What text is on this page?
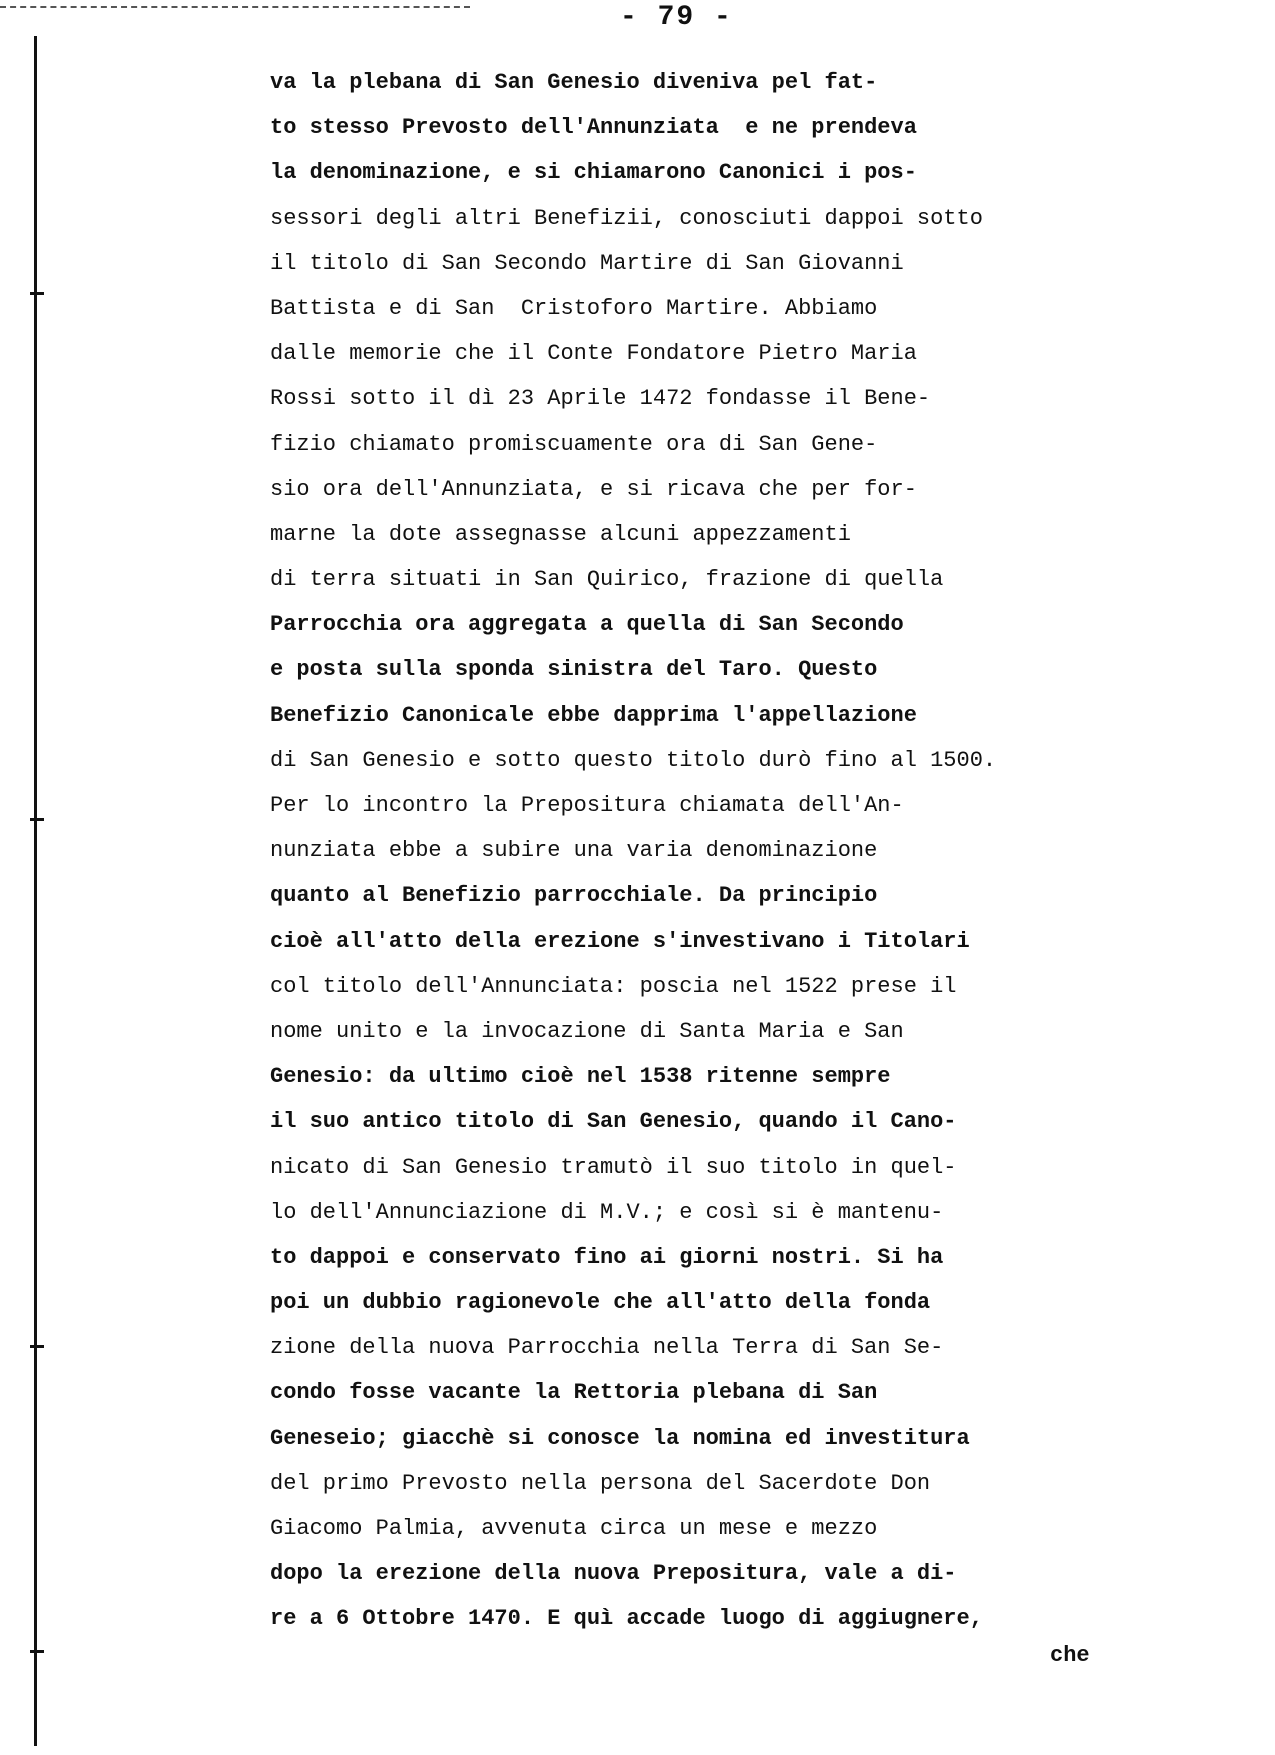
- 79 -
va la plebana di San Genesio diveniva pel fat-
to stesso Prevosto dell'Annunziata  e ne prendeva
la denominazione, e si chiamarono Canonici i pos-
sessori degli altri Benefizii, conosciuti dappoi sotto
il titolo di San Secondo Martire di San Giovanni
Battista e di San  Cristoforo Martire. Abbiamo
dalle memorie che il Conte Fondatore Pietro Maria
Rossi sotto il dì 23 Aprile 1472 fondasse il Bene-
fizio chiamato promiscuamente ora di San Gene-
sio ora dell'Annunziata, e si ricava che per for-
marne la dote assegnasse alcuni appezzamenti
di terra situati in San Quirico, frazione di quella
Parrocchia ora aggregata a quella di San Secondo
e posta sulla sponda sinistra del Taro. Questo
Benefizio Canonicale ebbe dapprima l'appellazione
di San Genesio e sotto questo titolo durò fino al 1500.
Per lo incontro la Prepositura chiamata dell'An-
nunziata ebbe a subire una varia denominazione
quanto al Benefizio parrocchiale. Da principio
cioè all'atto della erezione s'investivano i Titolari
col titolo dell'Annunciata: poscia nel 1522 prese il
nome unito e la invocazione di Santa Maria e San
Genesio: da ultimo cioè nel 1538 ritenne sempre
il suo antico titolo di San Genesio, quando il Cano-
nicato di San Genesio tramutò il suo titolo in quel-
lo dell'Annunciazione di M.V.; e così si è mantenu-
to dappoi e conservato fino ai giorni nostri. Si ha
poi un dubbio ragionevole che all'atto della fonda
zione della nuova Parrocchia nella Terra di San Se-
condo fosse vacante la Rettoria plebana di San
Geneseio; giacchè si conosce la nomina ed investitura
del primo Prevosto nella persona del Sacerdote Don
Giacomo Palmia, avvenuta circa un mese e mezzo
dopo la erezione della nuova Prepositura, vale a di-
re a 6 Ottobre 1470. E quì accade luogo di aggiugnere,
che
